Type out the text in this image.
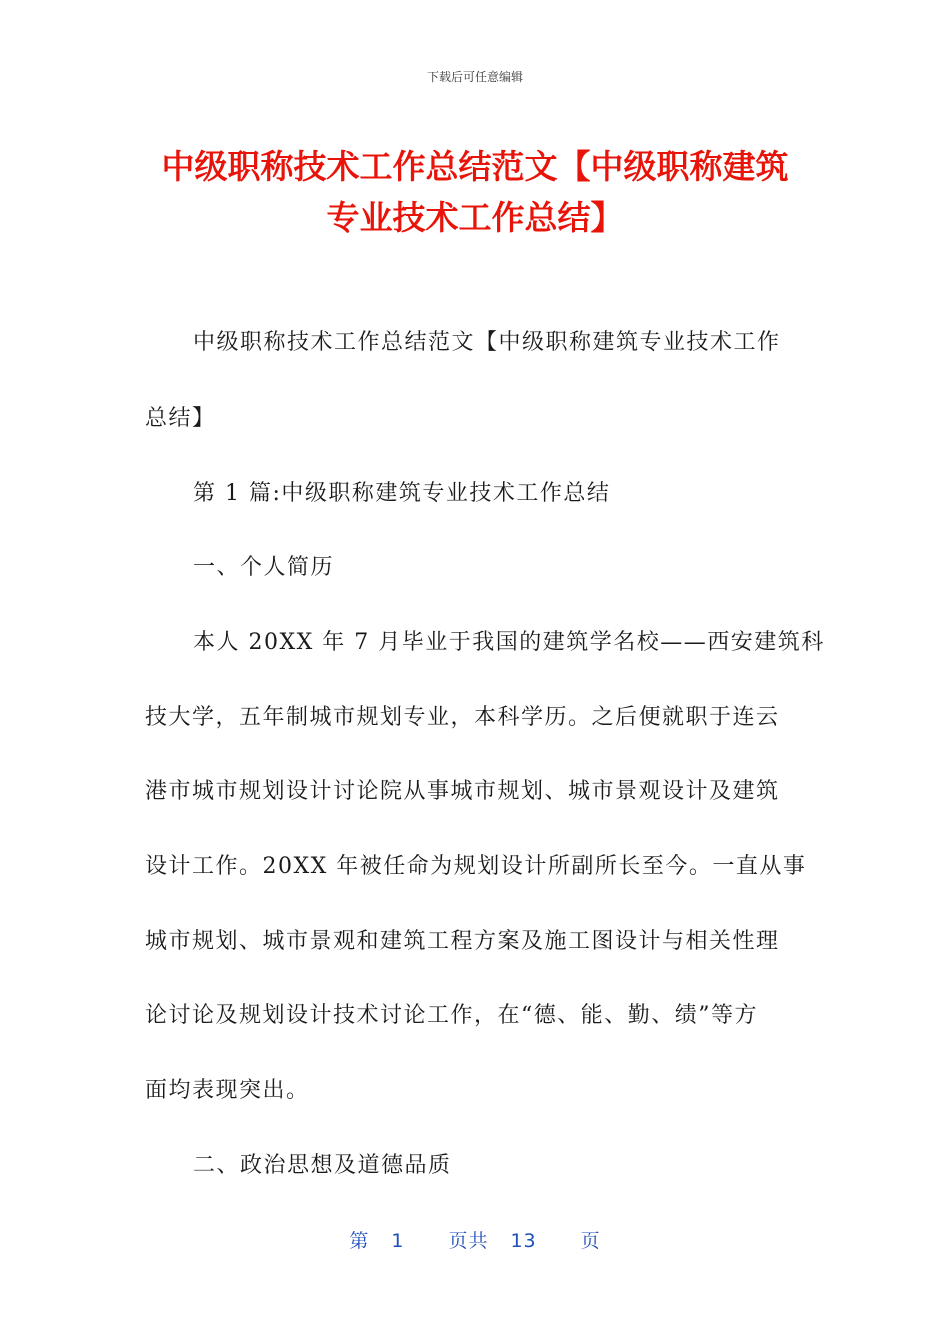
下载后可任意编辑
中级职称技术工作总结范文【中级职称建筑
专业技术工作总结】
中级职称技术工作总结范文【中级职称建筑专业技术工作
总结】
第 1 篇:中级职称建筑专业技术工作总结
一、个人简历
本人 20XX 年 7 月毕业于我国的建筑学名校——西安建筑科
技大学，五年制城市规划专业，本科学历。之后便就职于连云
港市城市规划设计讨论院从事城市规划、城市景观设计及建筑
设计工作。20XX 年被任命为规划设计所副所长至今。一直从事
城市规划、城市景观和建筑工程方案及施工图设计与相关性理
论讨论及规划设计技术讨论工作，在“德、能、勤、绩”等方
面均表现突出。
二、政治思想及道德品质
第 1 页共 13 页
